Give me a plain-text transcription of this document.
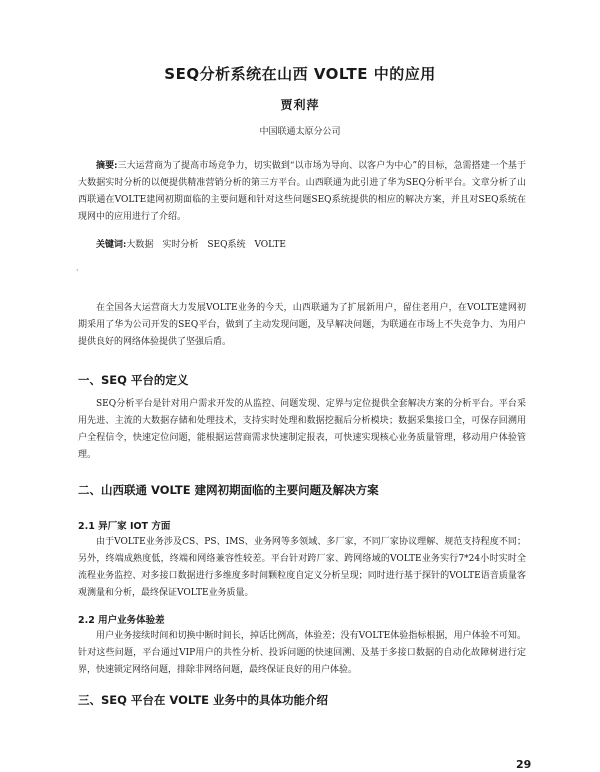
SEQ分析系统在山西 VOLTE 中的应用
贾利萍
中国联通太原分公司
摘要:三大运营商为了提高市场竞争力，切实做到“以市场为导向、以客户为中心”的目标，急需搭建一个基于大数据实时分析的以便提供精准营销分析的第三方平台。山西联通为此引进了华为SEQ分析平台。文章分析了山西联通在VOLTE建网初期面临的主要问题和针对这些问题SEQ系统提供的相应的解决方案，并且对SEQ系统在现网中的应用进行了介绍。
关键词:大数据　实时分析　SEQ系统　VOLTE
·
在全国各大运营商大力发展VOLTE业务的今天，山西联通为了扩展新用户，留住老用户，在VOLTE建网初期采用了华为公司开发的SEQ平台，做到了主动发现问题，及早解决问题，为联通在市场上不失竞争力、为用户提供良好的网络体验提供了坚强后盾。
一、SEQ 平台的定义
SEQ分析平台是针对用户需求开发的从监控、问题发现、定界与定位提供全套解决方案的分析平台。平台采用先进、主流的大数据存储和处理技术，支持实时处理和数据挖掘后分析模块；数据采集接口全，可保存回溯用户全程信令，快速定位问题，能根据运营商需求快速制定报表，可快速实现核心业务质量管理，移动用户体验管理。
二、山西联通 VOLTE 建网初期面临的主要问题及解决方案
2.1 异厂家 IOT 方面
由于VOLTE业务涉及CS、PS、IMS、业务网等多领域、多厂家，不同厂家协议理解、规范支持程度不同；另外，终端成熟度低，终端和网络兼容性较差。平台针对跨厂家、跨网络域的VOLTE业务实行7*24小时实时全流程业务监控、对多接口数据进行多维度多时间颗粒度自定义分析呈现；同时进行基于探针的VOLTE语音质量客观测量和分析，最终保证VOLTE业务质量。
2.2 用户业务体验差
用户业务接续时间和切换中断时间长，掉话比例高，体验差；没有VOLTE体验指标根据，用户体验不可知。针对这些问题，平台通过VIP用户的共性分析、投诉问题的快速回溯、及基于多接口数据的自动化故障树进行定界，快速锁定网络问题，排除非网络问题，最终保证良好的用户体验。
三、SEQ 平台在 VOLTE 业务中的具体功能介绍
29
